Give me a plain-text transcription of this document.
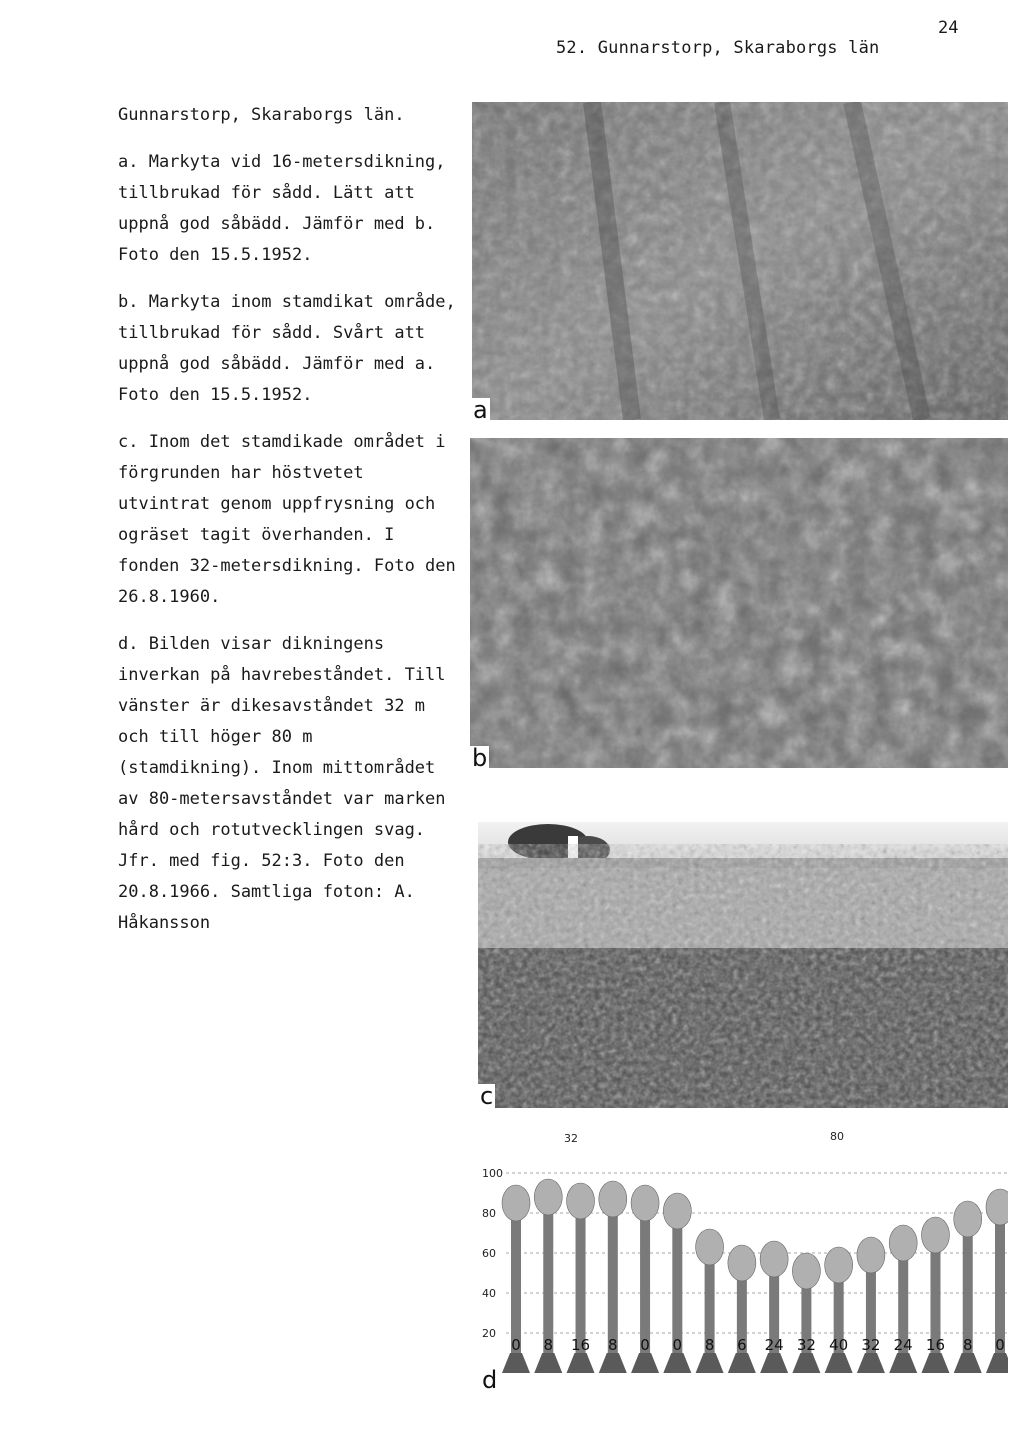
24
52. Gunnarstorp, Skaraborgs län

Gunnarstorp, Skaraborgs län.

a. Markyta vid 16-metersdikning, tillbrukad för sådd. Lätt att uppnå god såbädd. Jämför med b. Foto den 15.5.1952.

b. Markyta inom stamdikat område, tillbrukad för sådd. Svårt att uppnå god såbädd. Jämför med a. Foto den 15.5.1952.

c. Inom det stamdikade området i förgrunden har höstvetet utvintrat genom uppfrysning och ogräset tagit överhanden. I fonden 32-metersdikning. Foto den 26.8.1960.

d. Bilden visar dikningens inverkan på havrebeståndet. Till vänster är dikesavståndet 32 m och till höger 80 m (stamdikning). Inom mittområdet av 80-metersavståndet var marken hård och rotutvecklingen svag. Jfr. med fig. 52:3. Foto den 20.8.1966. Samtliga foton: A. Håkansson

a
b
c
32	80
100
80
60
40
20
0 8 16 8 0 0 8 6 24 32 40 32 24 16 8 0
d
